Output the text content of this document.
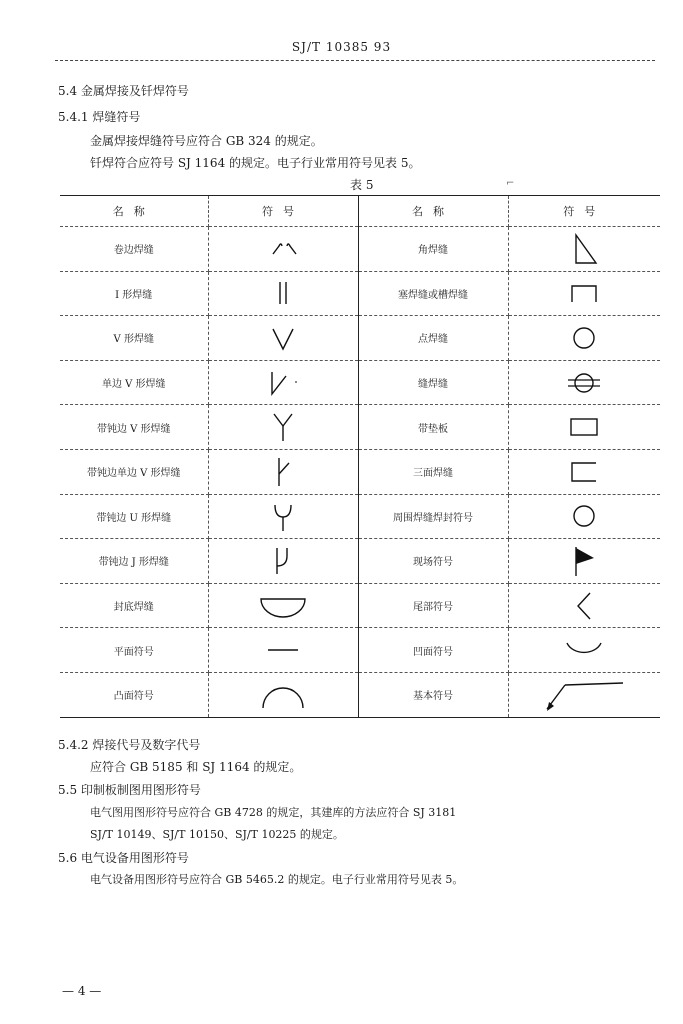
SJ/T 10385 93
5.4 金属焊接及钎焊符号
5.4.1 焊缝符号
金属焊接焊缝符号应符合 GB 324 的规定。
钎焊符合应符号 SJ 1164 的规定。电子行业常用符号见表 5。
表 5	⌐
名称	符号	名称	符号
卷边焊缝		角焊缝	

I 形焊缝		塞焊缝或槽焊缝	

V 形焊缝		点焊缝	

单边 V 形焊缝		缝焊缝	

带钝边 V 形焊缝		带垫板	

带钝边单边 V 形焊缝		三面焊缝	

带钝边 U 形焊缝		周围焊缝焊封符号	

带钝边 J 形焊缝		现场符号	

封底焊缝		尾部符号	

平面符号		凹面符号	

凸面符号		基本符号	
5.4.2 焊接代号及数字代号
应符合 GB 5185 和 SJ 1164 的规定。
5.5 印制板制图用图形符号
电气图用图形符号应符合 GB 4728 的规定，其建库的方法应符合 SJ 3181
SJ/T 10149、SJ/T 10150、SJ/T 10225 的规定。
5.6 电气设备用图形符号
电气设备用图形符号应符合 GB 5465.2 的规定。电子行业常用符号见表 5。
— 4 —
